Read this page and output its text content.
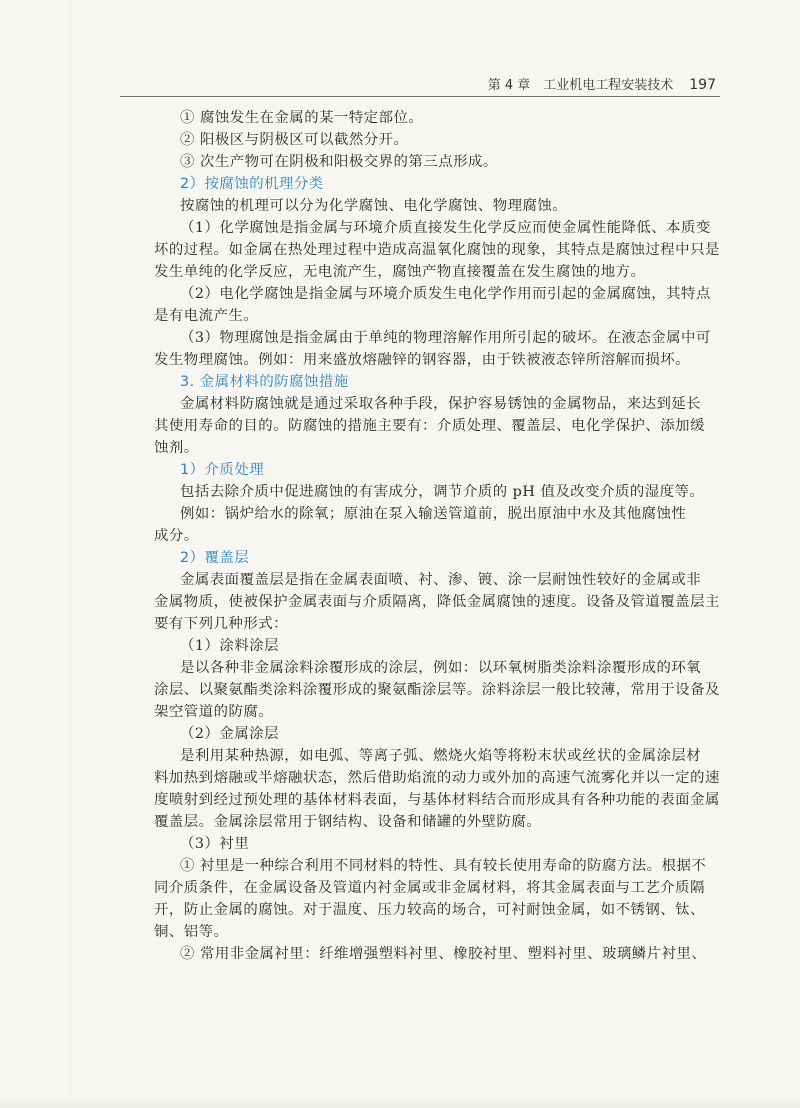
第 4 章　工业机电工程安装技术 197

① 腐蚀发生在金属的某一特定部位。

② 阳极区与阴极区可以截然分开。

③ 次生产物可在阴极和阳极交界的第三点形成。

2）按腐蚀的机理分类

按腐蚀的机理可以分为化学腐蚀、电化学腐蚀、物理腐蚀。

（1）化学腐蚀是指金属与环境介质直接发生化学反应而使金属性能降低、本质变

坏的过程。如金属在热处理过程中造成高温氧化腐蚀的现象，其特点是腐蚀过程中只是

发生单纯的化学反应，无电流产生，腐蚀产物直接覆盖在发生腐蚀的地方。

（2）电化学腐蚀是指金属与环境介质发生电化学作用而引起的金属腐蚀，其特点

是有电流产生。

（3）物理腐蚀是指金属由于单纯的物理溶解作用所引起的破坏。在液态金属中可

发生物理腐蚀。例如：用来盛放熔融锌的钢容器，由于铁被液态锌所溶解而损坏。

3. 金属材料的防腐蚀措施

金属材料防腐蚀就是通过采取各种手段，保护容易锈蚀的金属物品，来达到延长

其使用寿命的目的。防腐蚀的措施主要有：介质处理、覆盖层、电化学保护、添加缓

蚀剂。

1）介质处理

包括去除介质中促进腐蚀的有害成分，调节介质的 pH 值及改变介质的湿度等。

例如：锅炉给水的除氧；原油在泵入输送管道前，脱出原油中水及其他腐蚀性

成分。

2）覆盖层

金属表面覆盖层是指在金属表面喷、衬、渗、镀、涂一层耐蚀性较好的金属或非

金属物质，使被保护金属表面与介质隔离，降低金属腐蚀的速度。设备及管道覆盖层主

要有下列几种形式：

（1）涂料涂层

是以各种非金属涂料涂覆形成的涂层，例如：以环氧树脂类涂料涂覆形成的环氧

涂层、以聚氨酯类涂料涂覆形成的聚氨酯涂层等。涂料涂层一般比较薄，常用于设备及

架空管道的防腐。

（2）金属涂层

是利用某种热源，如电弧、等离子弧、燃烧火焰等将粉末状或丝状的金属涂层材

料加热到熔融或半熔融状态，然后借助焰流的动力或外加的高速气流雾化并以一定的速

度喷射到经过预处理的基体材料表面，与基体材料结合而形成具有各种功能的表面金属

覆盖层。金属涂层常用于钢结构、设备和储罐的外壁防腐。

（3）衬里

① 衬里是一种综合利用不同材料的特性、具有较长使用寿命的防腐方法。根据不

同介质条件，在金属设备及管道内衬金属或非金属材料，将其金属表面与工艺介质隔

开，防止金属的腐蚀。对于温度、压力较高的场合，可衬耐蚀金属，如不锈钢、钛、

铜、铝等。

② 常用非金属衬里：纤维增强塑料衬里、橡胶衬里、塑料衬里、玻璃鳞片衬里、
